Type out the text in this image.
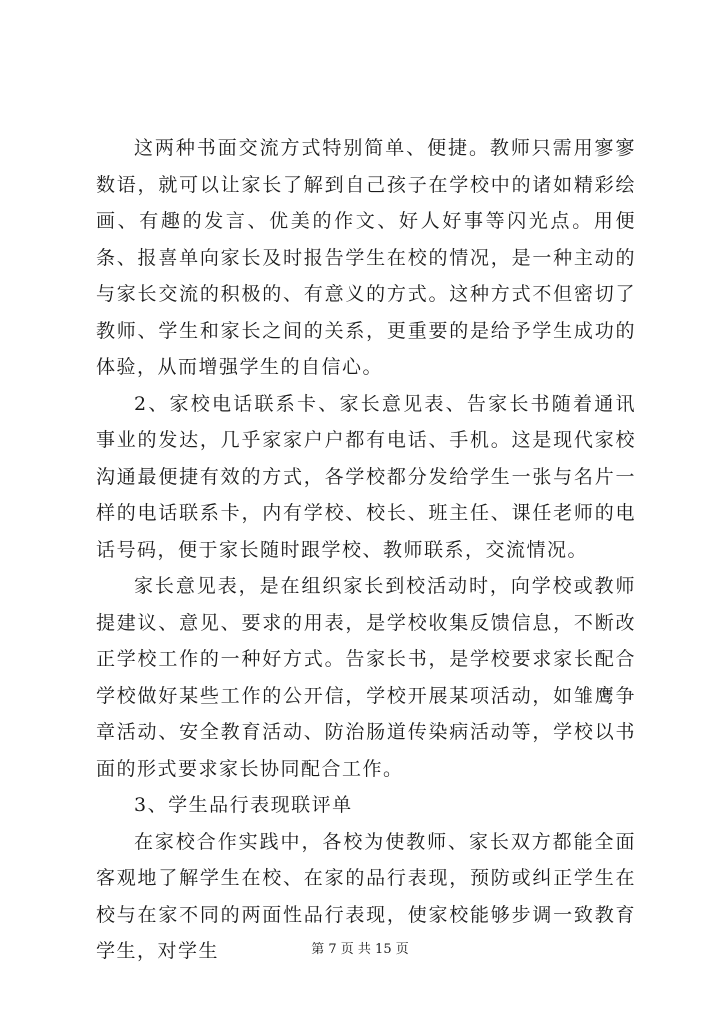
这两种书面交流方式特别简单、便捷。教师只需用寥寥数语，就可以让家长了解到自己孩子在学校中的诸如精彩绘画、有趣的发言、优美的作文、好人好事等闪光点。用便条、报喜单向家长及时报告学生在校的情况，是一种主动的与家长交流的积极的、有意义的方式。这种方式不但密切了教师、学生和家长之间的关系，更重要的是给予学生成功的体验，从而增强学生的自信心。

2、家校电话联系卡、家长意见表、告家长书随着通讯事业的发达，几乎家家户户都有电话、手机。这是现代家校沟通最便捷有效的方式，各学校都分发给学生一张与名片一样的电话联系卡，内有学校、校长、班主任、课任老师的电话号码，便于家长随时跟学校、教师联系，交流情况。

家长意见表，是在组织家长到校活动时，向学校或教师提建议、意见、要求的用表，是学校收集反馈信息，不断改正学校工作的一种好方式。告家长书，是学校要求家长配合学校做好某些工作的公开信，学校开展某项活动，如雏鹰争章活动、安全教育活动、防治肠道传染病活动等，学校以书面的形式要求家长协同配合工作。

3、学生品行表现联评单

在家校合作实践中，各校为使教师、家长双方都能全面客观地了解学生在校、在家的品行表现，预防或纠正学生在校与在家不同的两面性品行表现，使家校能够步调一致教育学生，对学生	第 7 页 共 15 页
